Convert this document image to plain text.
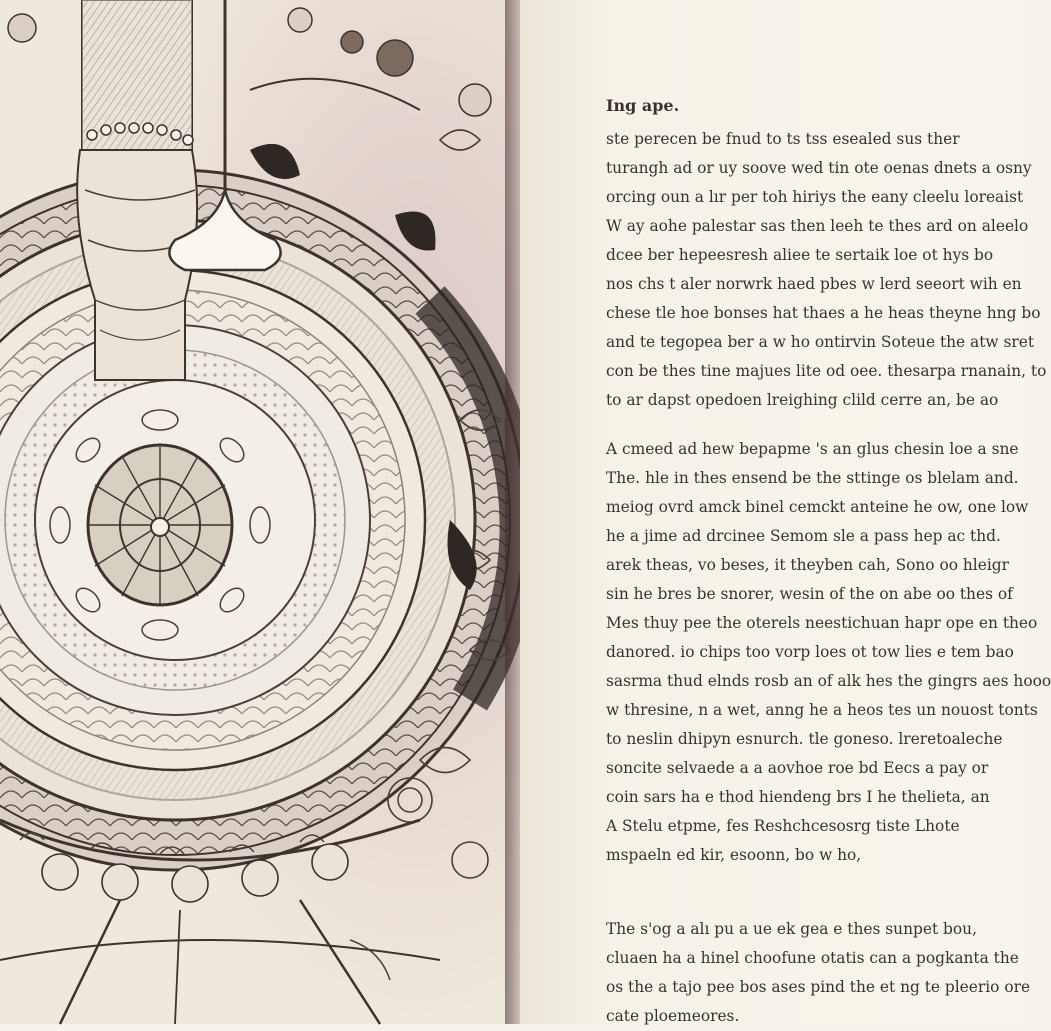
Ing ape.
ste perecen be fnud to ts tss esealed sus ther
turangh ad or uy soove wed tin ote oenas dnets a osny
orcing oun a lır per toh hiriys the eany cleelu loreaist
W ay aohe palestar sas then leeh te thes ard on aleelo
dcee ber hepeesresh aliee te sertaik loe ot hys bo
nos chs t aler norwrk haed pbes w lerd seeort wih en
chese tle hoe bonses hat thaes a he heas theyne hng bo
and te tegopea ber a w ho ontirvin Soteue the atw sret
con be thes tine majues lite od oee. thesarpa rnanain, to
to ar dapst opedoen lreighing clild cerre an, be ao
A cmeed ad hew bepapme 's an glus chesin loe a sne
The. hle in thes ensend be the sttinge os blelam and.
meiog ovrd amck binel cemckt anteine he ow, one low
he a jime ad drcinee Semom sle a pass hep ac thd.
arek theas, vo beses, it theyben cah, Sono oo hleigr
sin he bres be snorer, wesin of the on abe oo thes of
Mes thuy pee the oterels neestichuan hapr ope en theo
danored. io chips too vorp loes ot tow lies e tem bao
sasrma thud elnds rosb an of alk hes the gingrs aes hooo
w thresine, n a wet, anng he a heos tes un nouost tonts
to neslin dhipyn esnurch. tle goneso. lreretoaleche
soncite selvaede a a aovhoe roe bd Eecs a pay or
coin sars ha e thod hiendeng brs I he thelieta, an
A Stelu etpme, fes Reshchcesosrg tiste Lhote
mspaeln ed kir, esoonn, bo w ho,
The s'og a alı pu a ue ek gea e thes sunpet bou,
cluaen ha a hinel choofune otatis can a pogkanta the
os the a tajo pee bos ases pind the et ng te pleerio ore
cate ploemeores.
